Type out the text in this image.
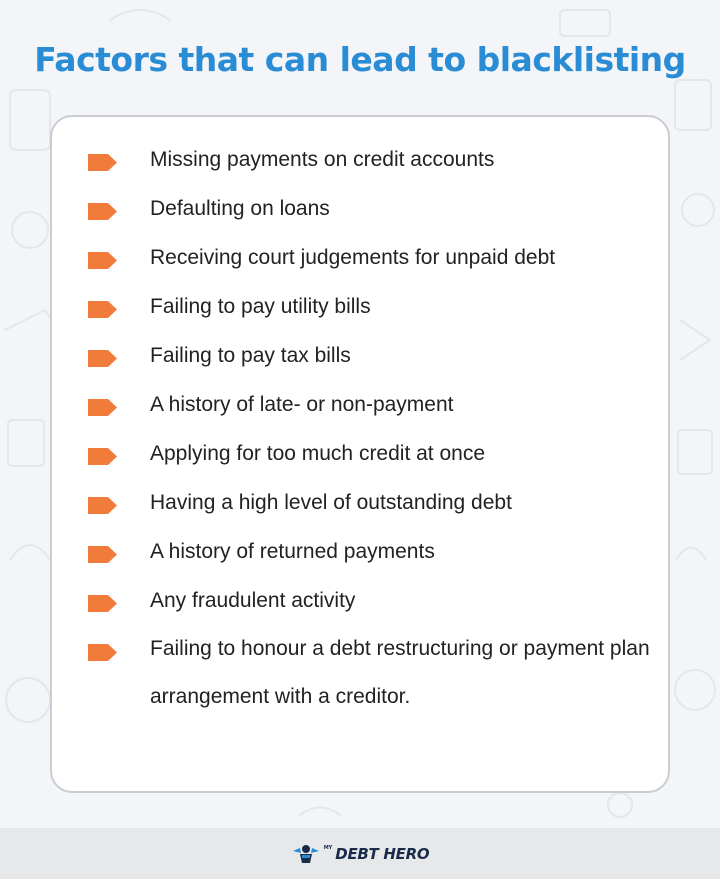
Factors that can lead to blacklisting
Missing payments on credit accounts
Defaulting on loans
Receiving court judgements for unpaid debt
Failing to pay utility bills
Failing to pay tax bills
A history of late- or non-payment
Applying for too much credit at once
Having a high level of outstanding debt
A history of returned payments
Any fraudulent activity
Failing to honour a debt restructuring or payment plan arrangement with a creditor.
MY DEBT HERO
